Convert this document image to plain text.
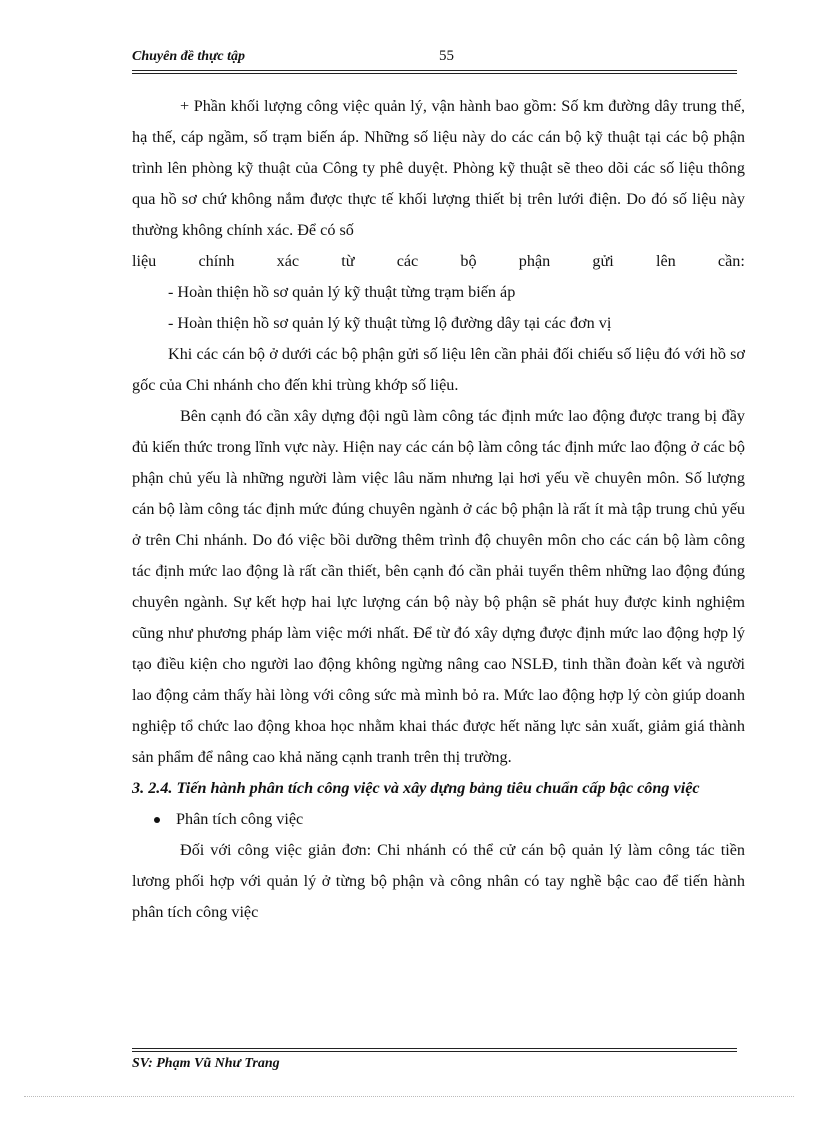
Chuyên đề thực tập	55

+ Phần khối lượng công việc quản lý, vận hành bao gồm: Số km đường dây trung thế, hạ thế, cáp ngầm, số trạm biến áp. Những số liệu này do các cán bộ kỹ thuật tại các bộ phận trình lên phòng kỹ thuật của Công ty phê duyệt. Phòng kỹ thuật sẽ theo dõi các số liệu thông qua hồ sơ chứ không nắm được thực tế khối lượng thiết bị trên lưới điện. Do đó số liệu này thường không chính xác. Để có số

liệu	chính	xác	từ	các	bộ	phận	gửi	lên	cần:

- Hoàn thiện hồ sơ quản lý kỹ thuật từng trạm biến áp

- Hoàn thiện hồ sơ quản lý kỹ thuật từng lộ đường dây tại các đơn vị

Khi các cán bộ ở dưới các bộ phận gửi số liệu lên cần phải đối chiếu số liệu đó với hồ sơ gốc của Chi nhánh cho đến khi trùng khớp số liệu.

Bên cạnh đó cần xây dựng đội ngũ làm công tác định mức lao động được trang bị đầy đủ kiến thức trong lĩnh vực này. Hiện nay các cán bộ làm công tác định mức lao động ở các bộ phận chủ yếu là những người làm việc lâu năm nhưng lại hơi yếu về chuyên môn. Số lượng cán bộ làm công tác định mức đúng chuyên ngành ở các bộ phận là rất ít mà tập trung chủ yếu ở trên Chi nhánh. Do đó việc bồi dưỡng thêm trình độ chuyên môn cho các cán bộ làm công tác định mức lao động là rất cần thiết, bên cạnh đó cần phải tuyển thêm những lao động đúng chuyên ngành. Sự kết hợp hai lực lượng cán bộ này bộ phận sẽ phát huy được kinh nghiệm cũng như phương pháp làm việc mới nhất. Để từ đó xây dựng được định mức lao động hợp lý tạo điều kiện cho người lao động không ngừng nâng cao NSLĐ, tinh thần đoàn kết và người lao động cảm thấy hài lòng với công sức mà mình bỏ ra. Mức lao động hợp lý còn giúp doanh nghiệp tổ chức lao động khoa học nhằm khai thác được hết năng lực sản xuất, giảm giá thành sản phẩm để nâng cao khả năng cạnh tranh trên thị trường.

3. 2.4. Tiến hành phân tích công việc và xây dựng bảng tiêu chuẩn cấp bậc công việc

Phân tích công việc

Đối với công việc giản đơn: Chi nhánh có thể cử cán bộ quản lý làm công tác tiền lương phối hợp với quản lý ở từng bộ phận và công nhân có tay nghề bậc cao để tiến hành phân tích công việc

SV: Phạm Vũ Như Trang
